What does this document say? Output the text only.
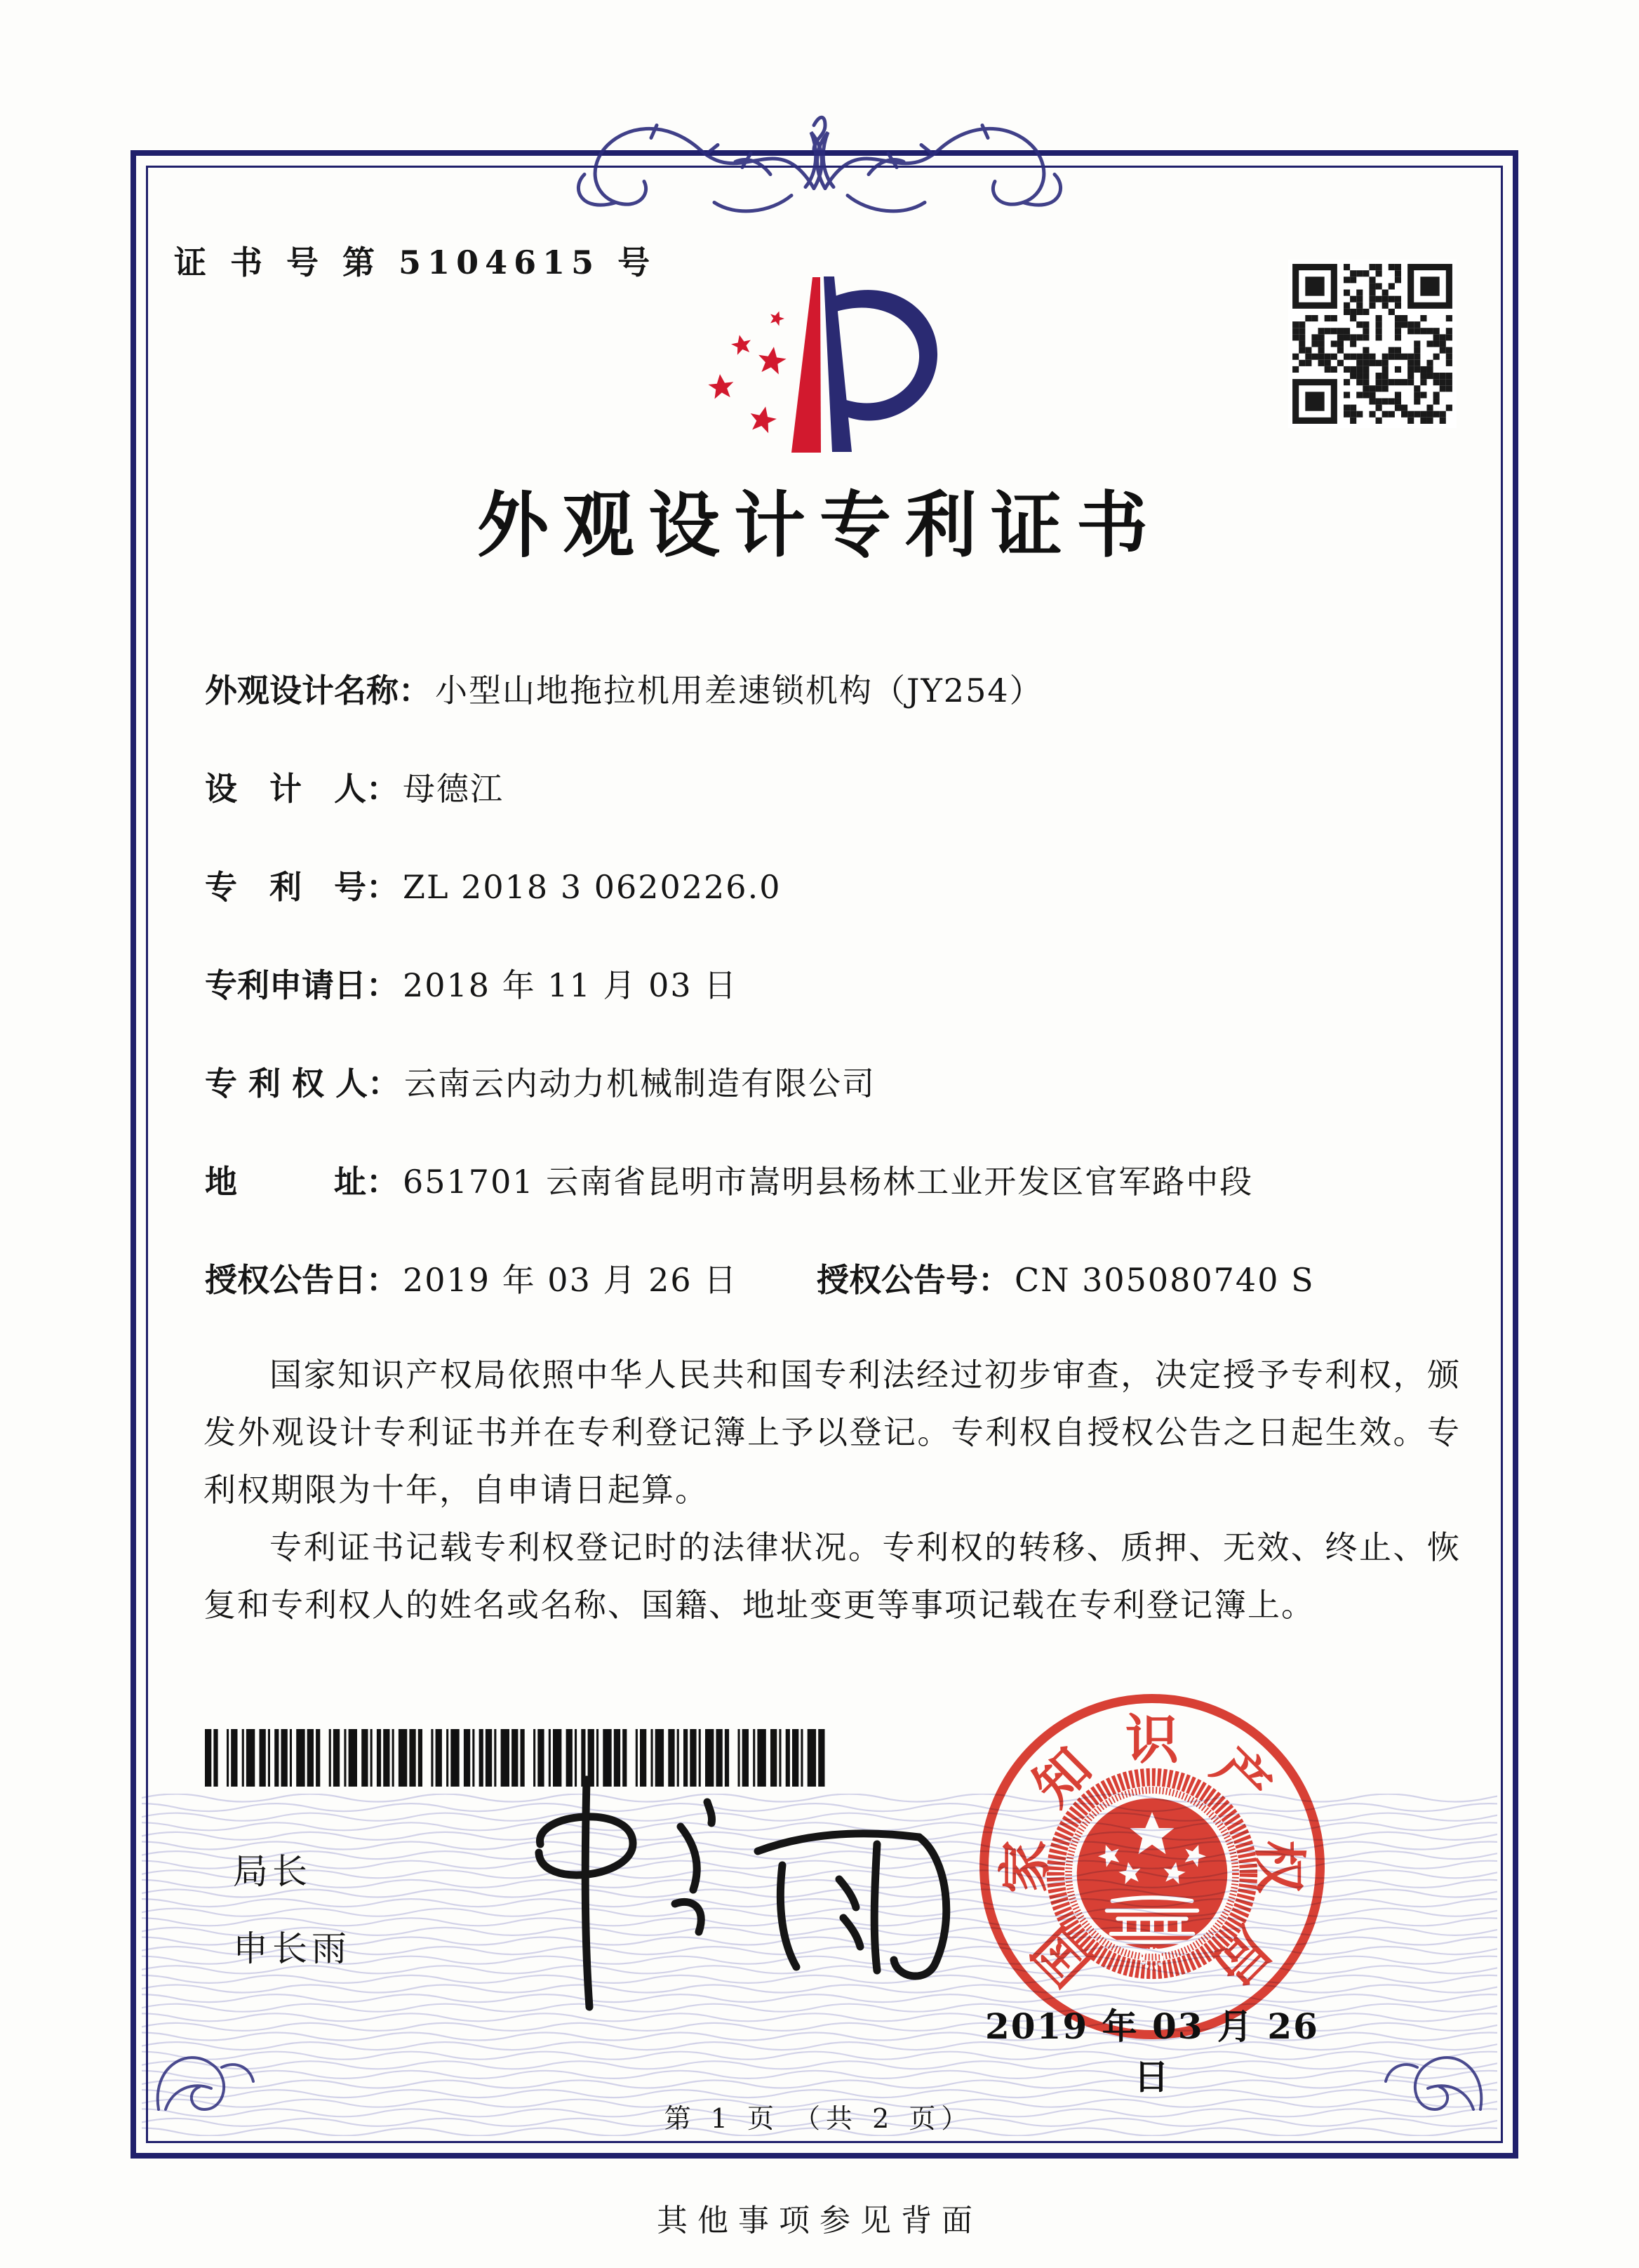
证 书 号 第 5104615 号
外观设计专利证书
外观设计名称： 小型山地拖拉机用差速锁机构（JY254）
设　计　人： 母德江
专　利　号： ZL 2018 3 0620226.0
专利申请日： 2018 年 11 月 03 日
专 利 权 人： 云南云内动力机械制造有限公司
地　　　址： 651701 云南省昆明市嵩明县杨林工业开发区官军路中段
授权公告日： 2019 年 03 月 26 日 授权公告号： CN 305080740 S

国家知识产权局依照中华人民共和国专利法经过初步审查，决定授予专利权，颁发外观设计专利证书并在专利登记簿上予以登记。专利权自授权公告之日起生效。专利权期限为十年，自申请日起算。

专利证书记载专利权登记时的法律状况。专利权的转移、质押、无效、终止、恢复和专利权人的姓名或名称、国籍、地址变更等事项记载在专利登记簿上。

局长
申长雨	国
家
知 识 产
权
局
2019 年 03 月 26 日
第 1 页 （共 2 页）
其他事项参见背面
